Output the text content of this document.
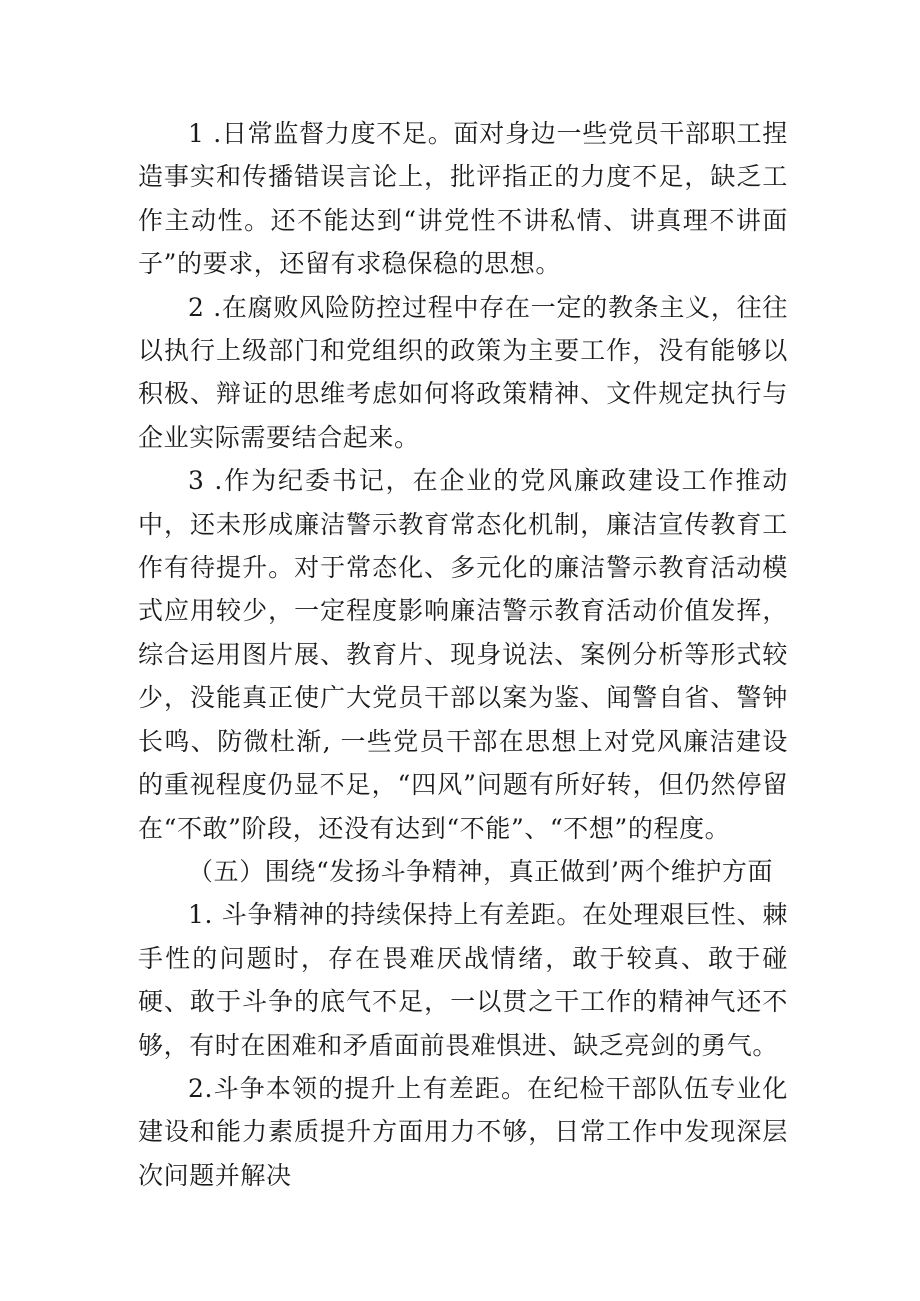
1 .日常监督力度不足。面对身边一些党员干部职工捏造事实和传播错误言论上，批评指正的力度不足，缺乏工作主动性。还不能达到“讲党性不讲私情、讲真理不讲面子”的要求，还留有求稳保稳的思想。

2 .在腐败风险防控过程中存在一定的教条主义，往往以执行上级部门和党组织的政策为主要工作，没有能够以积极、辩证的思维考虑如何将政策精神、文件规定执行与企业实际需要结合起来。

3 .作为纪委书记，在企业的党风廉政建设工作推动中，还未形成廉洁警示教育常态化机制，廉洁宣传教育工作有待提升。对于常态化、多元化的廉洁警示教育活动模式应用较少，一定程度影响廉洁警示教育活动价值发挥，综合运用图片展、教育片、现身说法、案例分析等形式较少，没能真正使广大党员干部以案为鉴、闻警自省、警钟长鸣、防微杜渐, 一些党员干部在思想上对党风廉洁建设的重视程度仍显不足，“四风”问题有所好转，但仍然停留在“不敢”阶段，还没有达到“不能”、“不想”的程度。

（五）围绕“发扬斗争精神，真正做到’两个维护方面

1. 斗争精神的持续保持上有差距。在处理艰巨性、棘手性的问题时，存在畏难厌战情绪，敢于较真、敢于碰硬、敢于斗争的底气不足，一以贯之干工作的精神气还不够，有时在困难和矛盾面前畏难惧进、缺乏亮剑的勇气。

2.斗争本领的提升上有差距。在纪检干部队伍专业化建设和能力素质提升方面用力不够，日常工作中发现深层次问题并解决
